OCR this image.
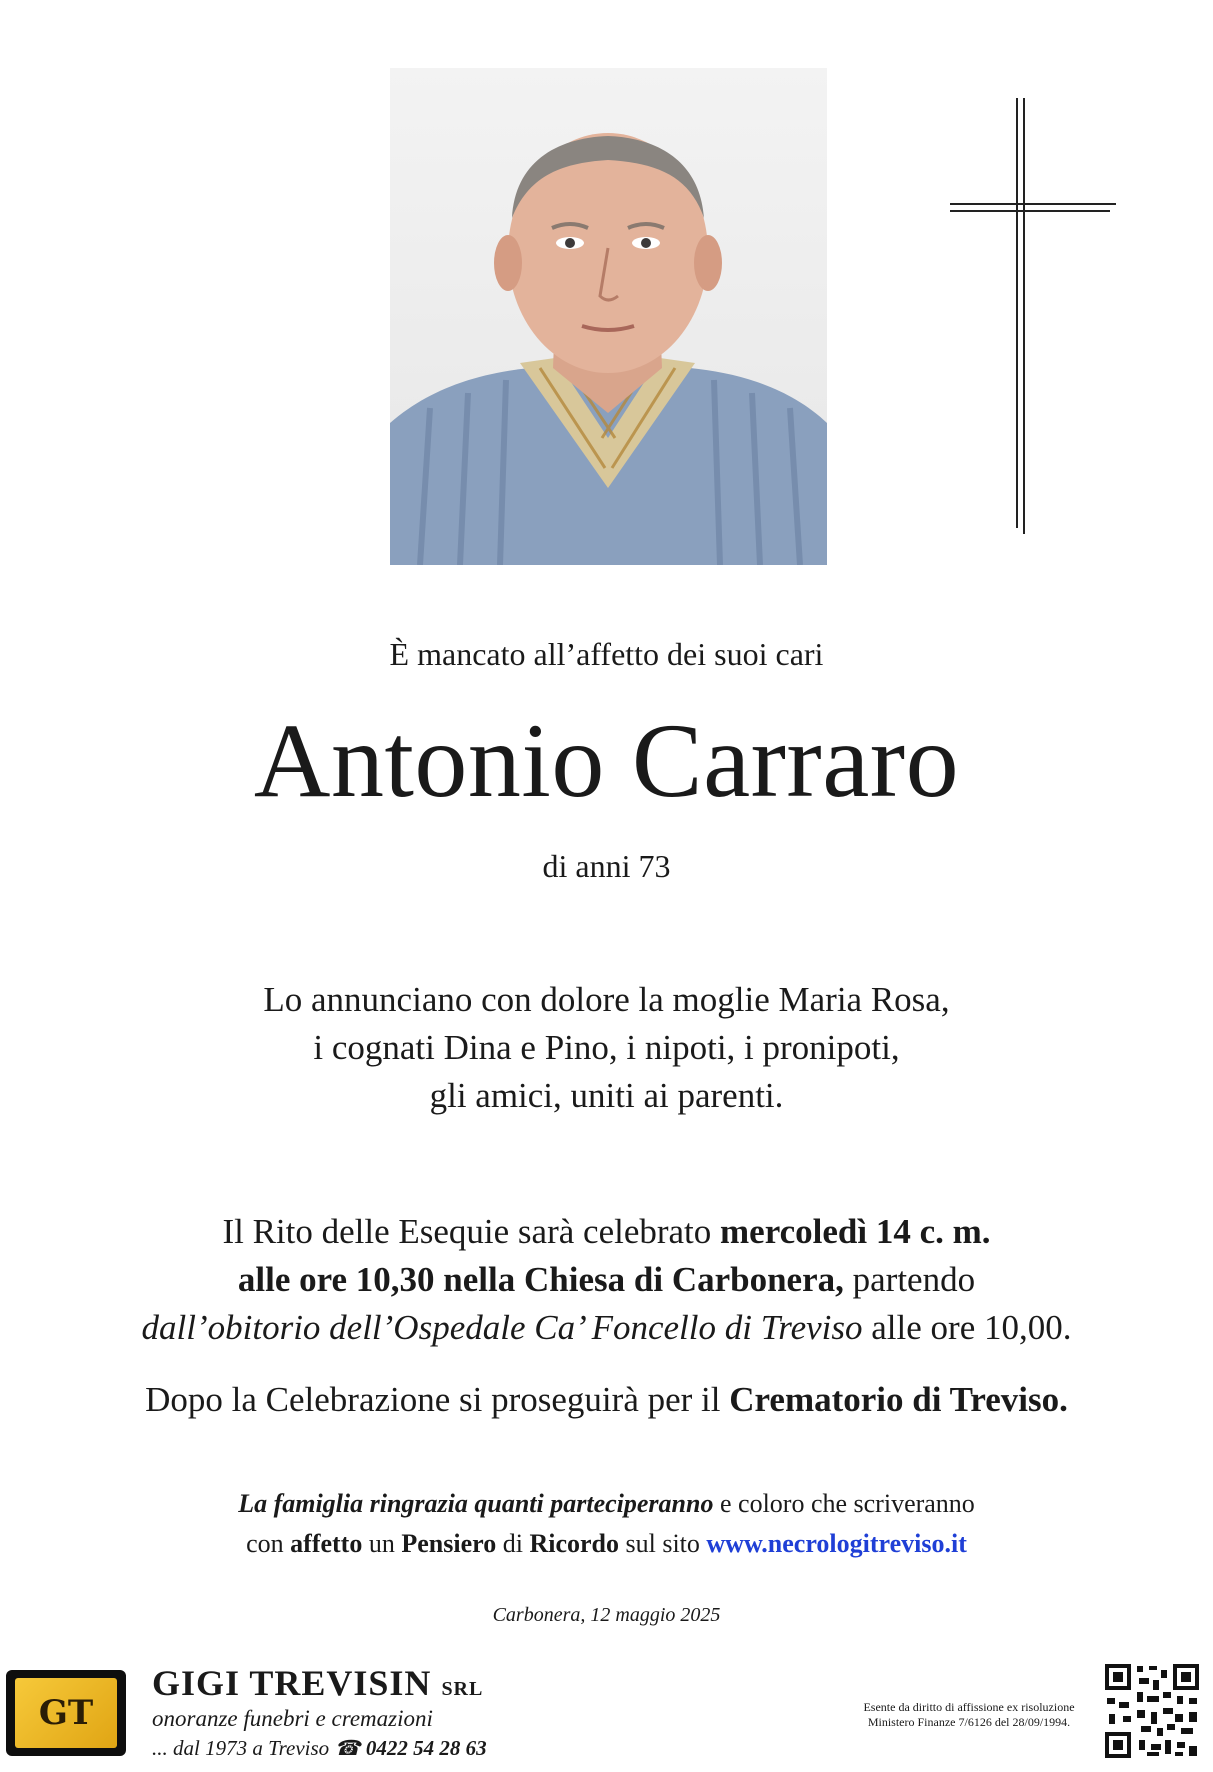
È mancato all’affetto dei suoi cari
Antonio Carraro
di anni 73
Lo annunciano con dolore la moglie Maria Rosa,
i cognati Dina e Pino, i nipoti, i pronipoti,
gli amici, uniti ai parenti.
Il Rito delle Esequie sarà celebrato mercoledì 14 c. m.
alle ore 10,30 nella Chiesa di Carbonera, partendo
dall’obitorio dell’Ospedale Ca’ Foncello di Treviso alle ore 10,00.
Dopo la Celebrazione si proseguirà per il Crematorio di Treviso.
La famiglia ringrazia quanti parteciperanno e coloro che scriveranno
con affetto un Pensiero di Ricordo sul sito www.necrologitreviso.it
Carbonera, 12 maggio 2025
GT
GIGI TREVISIN SRL
onoranze funebri e cremazioni
... dal 1973 a Treviso ☎ 0422 54 28 63
Esente da diritto di affissione ex risoluzione
Ministero Finanze 7/6126 del 28/09/1994.
